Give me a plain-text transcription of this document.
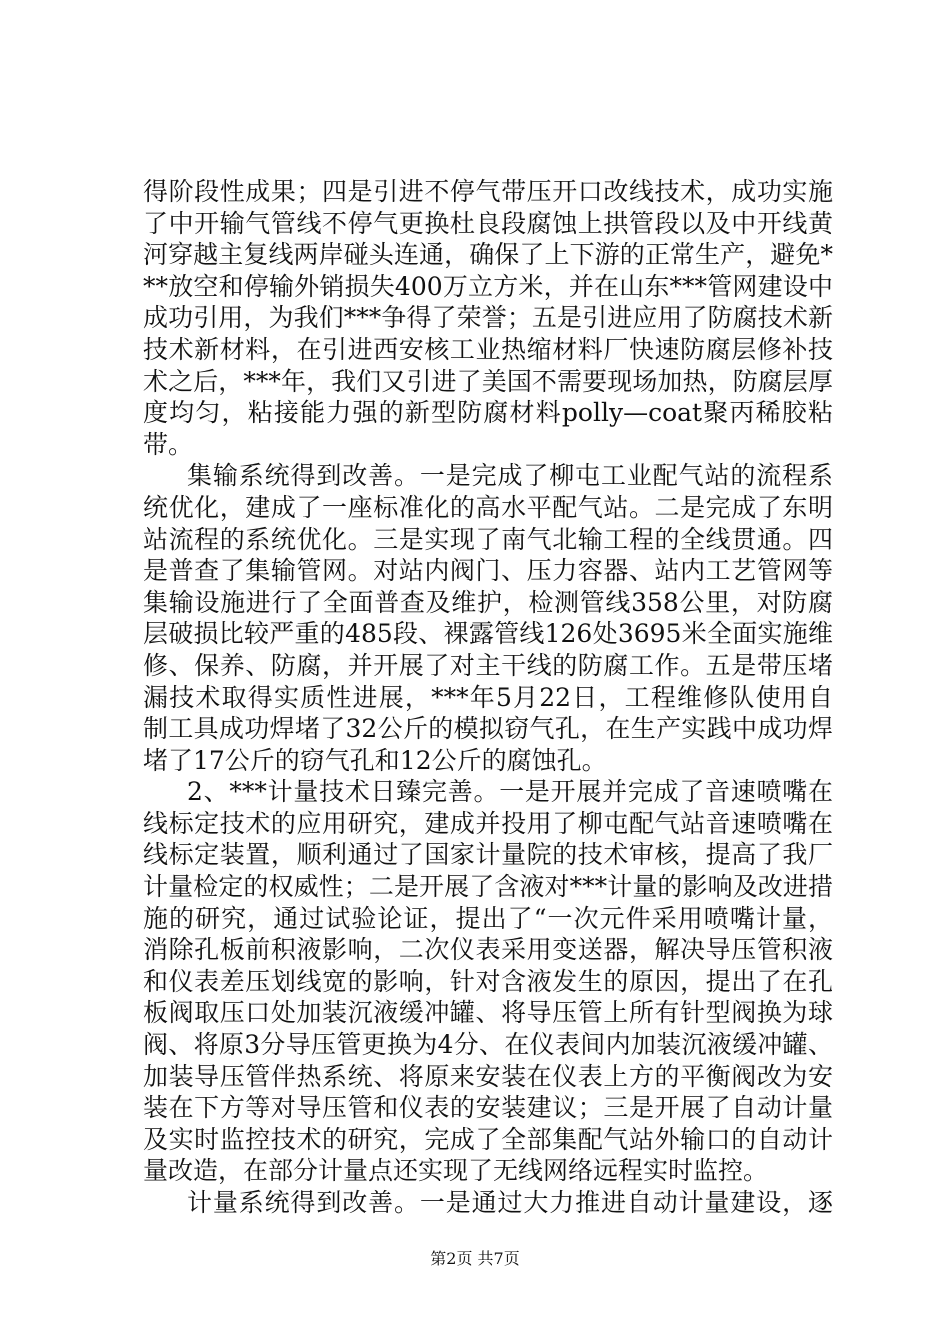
得阶段性成果；四是引进不停气带压开口改线技术，成功实施
了中开输气管线不停气更换杜良段腐蚀上拱管段以及中开线黄
河穿越主复线两岸碰头连通，确保了上下游的正常生产，避免*
**放空和停输外销损失400万立方米，并在山东***管网建设中
成功引用，为我们***争得了荣誉；五是引进应用了防腐技术新
技术新材料，在引进西安核工业热缩材料厂快速防腐层修补技
术之后，***年，我们又引进了美国不需要现场加热，防腐层厚
度均匀，粘接能力强的新型防腐材料polly—coat聚丙稀胶粘
带。
集输系统得到改善。一是完成了柳屯工业配气站的流程系
统优化，建成了一座标准化的高水平配气站。二是完成了东明
站流程的系统优化。三是实现了南气北输工程的全线贯通。四
是普查了集输管网。对站内阀门、压力容器、站内工艺管网等
集输设施进行了全面普查及维护，检测管线358公里，对防腐
层破损比较严重的485段、裸露管线126处3695米全面实施维
修、保养、防腐，并开展了对主干线的防腐工作。五是带压堵
漏技术取得实质性进展，***年5月22日，工程维修队使用自
制工具成功焊堵了32公斤的模拟窃气孔，在生产实践中成功焊
堵了17公斤的窃气孔和12公斤的腐蚀孔。
2、***计量技术日臻完善。一是开展并完成了音速喷嘴在
线标定技术的应用研究，建成并投用了柳屯配气站音速喷嘴在
线标定装置，顺利通过了国家计量院的技术审核，提高了我厂
计量检定的权威性；二是开展了含液对***计量的影响及改进措
施的研究，通过试验论证，提出了“一次元件采用喷嘴计量，
消除孔板前积液影响，二次仪表采用变送器，解决导压管积液
和仪表差压划线宽的影响，针对含液发生的原因，提出了在孔
板阀取压口处加装沉液缓冲罐、将导压管上所有针型阀换为球
阀、将原3分导压管更换为4分、在仪表间内加装沉液缓冲罐、
加装导压管伴热系统、将原来安装在仪表上方的平衡阀改为安
装在下方等对导压管和仪表的安装建议；三是开展了自动计量
及实时监控技术的研究，完成了全部集配气站外输口的自动计
量改造，在部分计量点还实现了无线网络远程实时监控。
计量系统得到改善。一是通过大力推进自动计量建设，逐
第2页 共7页
